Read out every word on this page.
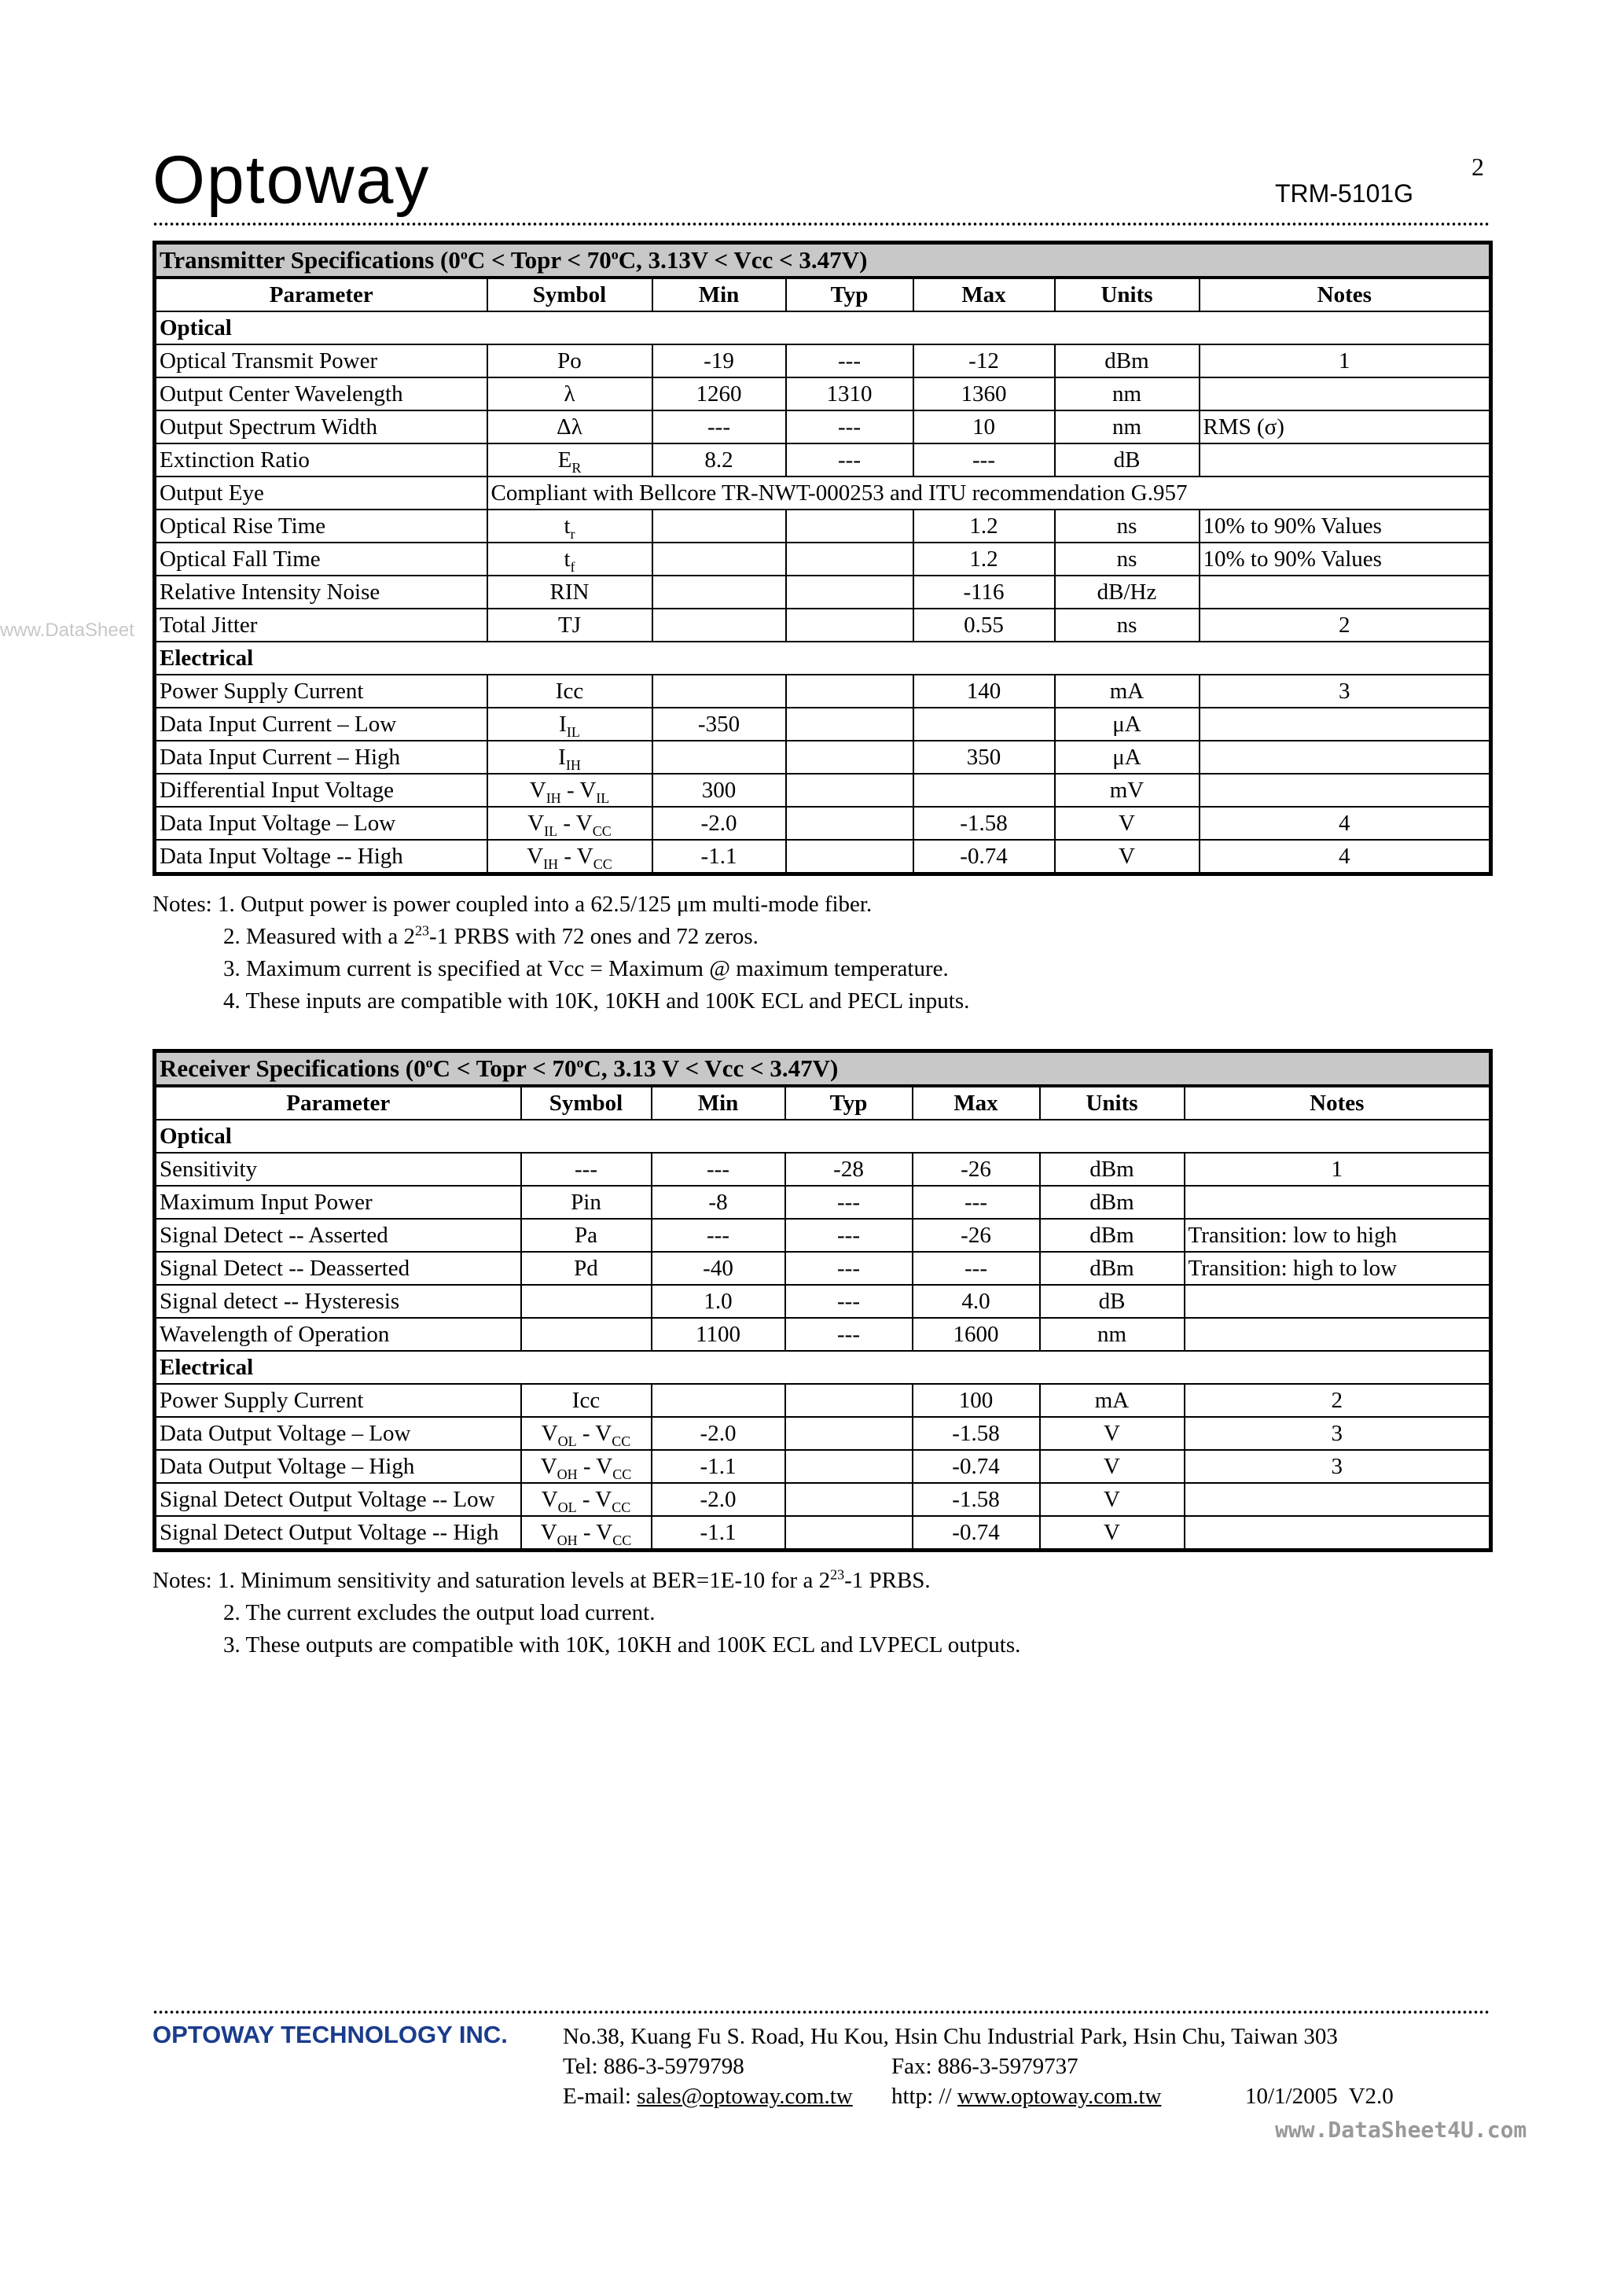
Optoway	2
TRM-5101G
www.DataSheet
Transmitter Specifications ($0^oC$ < Topr < $70^oC$, 3.13V < Vcc < 3.47V)						
Parameter	Symbol	Min	Typ	Max	Units	Notes
Optical						
Optical Transmit Power	Po	-19	---	-12	dBm	1
Output Center Wavelength	λ	1260	1310	1360	nm	
Output Spectrum Width	Δλ	---	---	10	nm	RMS (σ)
Extinction Ratio	$E_R$	8.2	---	---	dB	
Output Eye	Compliant with Bellcore TR-NWT-000253 and ITU recommendation G.957					
Optical Rise Time	$t_r$			1.2	ns	10% to 90% Values
Optical Fall Time	$t_f$			1.2	ns	10% to 90% Values
Relative Intensity Noise	RIN			-116	dB/Hz	
Total Jitter	TJ			0.55	ns	2
Electrical						
Power Supply Current	Icc			140	mA	3
Data Input Current – Low	$I_{IL}$	-350			μA	
Data Input Current – High	$I_{IH}$			350	μA	
Differential Input Voltage	$V_{IH} - V_{IL}$	300			mV	
Data Input Voltage – Low	$V_{IL} - V_{CC}$	-2.0		-1.58	V	4
Data Input Voltage -- High	$V_{IH} - V_{CC}$	-1.1		-0.74	V	4
Notes: 1. Output power is power coupled into a 62.5/125 μm multi-mode fiber.
2. Measured with a $2^{23}-1$ PRBS with 72 ones and 72 zeros.
3. Maximum current is specified at Vcc = Maximum @ maximum temperature.
4. These inputs are compatible with 10K, 10KH and 100K ECL and PECL inputs.
Receiver Specifications ($0^oC$ < Topr < $70^oC$, 3.13 V < Vcc < 3.47V)						
Parameter	Symbol	Min	Typ	Max	Units	Notes
Optical						
Sensitivity	---	---	-28	-26	dBm	1
Maximum Input Power	Pin	-8	---	---	dBm	
Signal Detect -- Asserted	Pa	---	---	-26	dBm	Transition: low to high
Signal Detect -- Deasserted	Pd	-40	---	---	dBm	Transition: high to low
Signal detect -- Hysteresis		1.0	---	4.0	dB	
Wavelength of Operation		1100	---	1600	nm	
Electrical						
Power Supply Current	Icc			100	mA	2
Data Output Voltage – Low	$V_{OL} - V_{CC}$	-2.0		-1.58	V	3
Data Output Voltage – High	$V_{OH} - V_{CC}$	-1.1		-0.74	V	3
Signal Detect Output Voltage -- Low	$V_{OL} - V_{CC}$	-2.0		-1.58	V	
Signal Detect Output Voltage -- High	$V_{OH} - V_{CC}$	-1.1		-0.74	V	
Notes: 1. Minimum sensitivity and saturation levels at BER=1E-10 for a $2^{23}-1$ PRBS.
2. The current excludes the output load current.
3. These outputs are compatible with 10K, 10KH and 100K ECL and LVPECL outputs.
OPTOWAY TECHNOLOGY INC. No.38, Kuang Fu S. Road, Hu Kou, Hsin Chu Industrial Park, Hsin Chu, Taiwan 303
Tel: 886-3-5979798	Fax: 886-3-5979737
E-mail: sales@optoway.com.tw http: // www.optoway.com.tw	10/1/2005  V2.0
www.DataSheet4U.com
